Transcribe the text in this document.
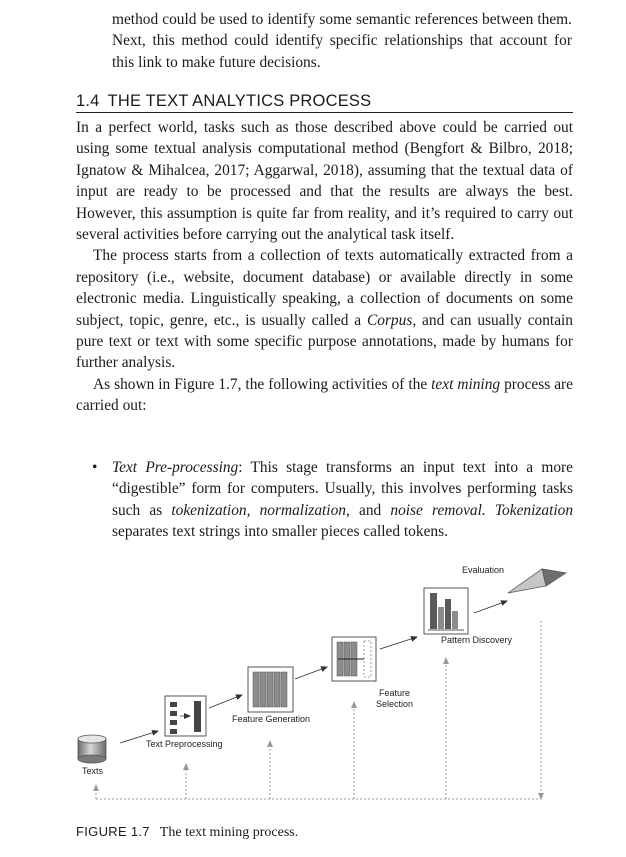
method could be used to identify some semantic references between them. Next, this method could identify specific relationships that account for this link to make future decisions.

1.4 THE TEXT ANALYTICS PROCESS

In a perfect world, tasks such as those described above could be carried out using some textual analysis computational method (Bengfort & Bilbro, 2018; Ignatow & Mihalcea, 2017; Aggarwal, 2018), assuming that the textual data of input are ready to be processed and that the results are always the best. However, this assumption is quite far from reality, and it’s required to carry out several activities before carrying out the analytical task itself.

The process starts from a collection of texts automatically extracted from a repository (i.e., website, document database) or available directly in some electronic media. Linguistically speaking, a collection of documents on some subject, topic, genre, etc., is usually called a Corpus, and can usually contain pure text or text with some specific purpose annotations, made by humans for further analysis.

As shown in Figure 1.7, the following activities of the text mining process are carried out:

• Text Pre-processing: This stage transforms an input text into a more “digestible” form for computers. Usually, this involves performing tasks such as tokenization, normalization, and noise removal. Tokenization separates text strings into smaller pieces called tokens.
Texts
Text Preprocessing
Feature Generation
Feature
Selection
Pattern Discovery
Evaluation
FIGURE 1.7 The text mining process.
